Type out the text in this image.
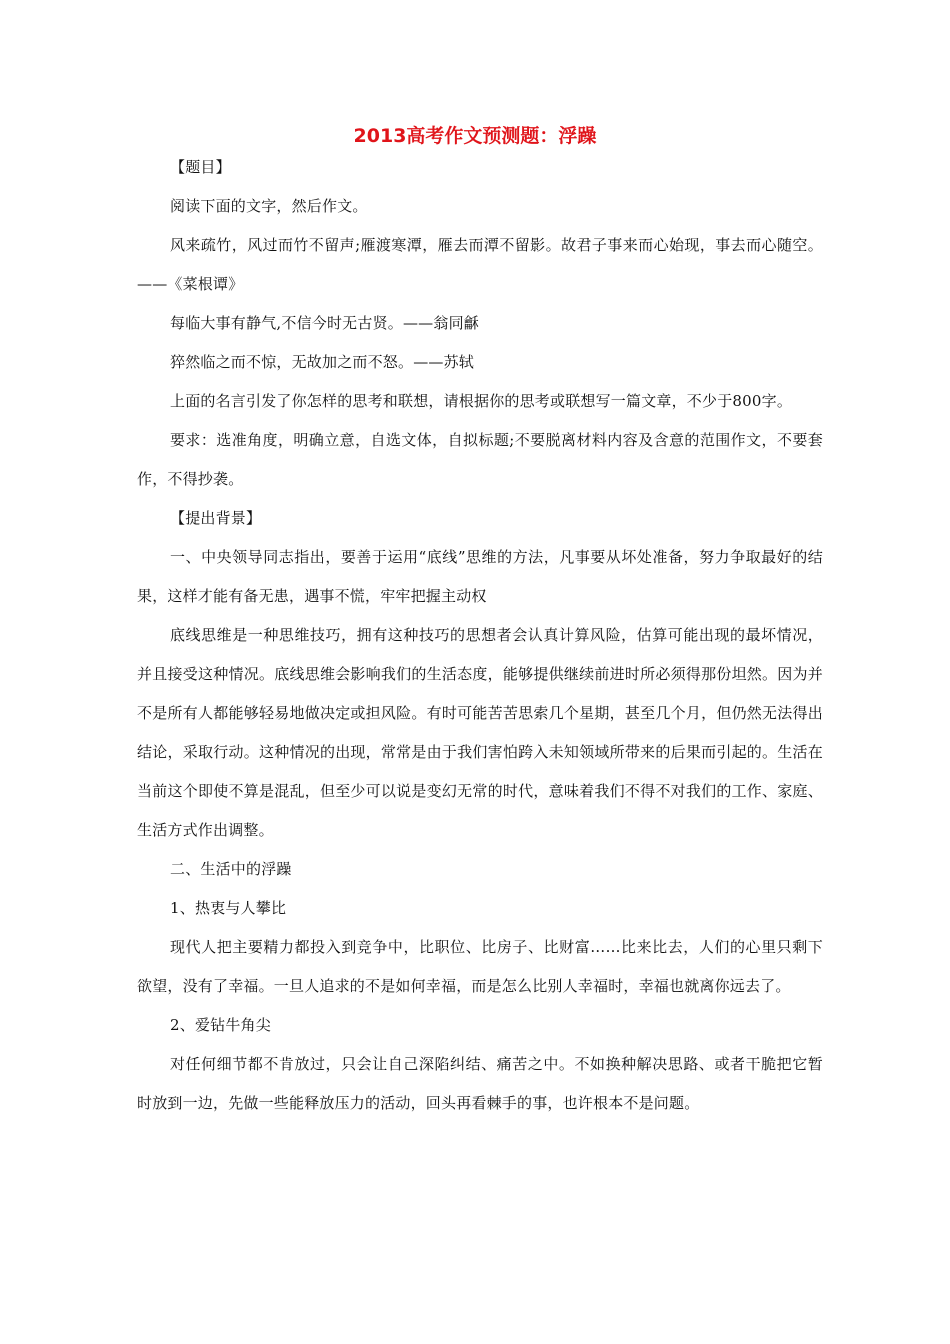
2013高考作文预测题：浮躁

【题目】

阅读下面的文字，然后作文。

风来疏竹，风过而竹不留声;雁渡寒潭，雁去而潭不留影。故君子事来而心始现，事去而心随空。——《菜根谭》

每临大事有静气,不信今时无古贤。——翁同龢

猝然临之而不惊，无故加之而不怒。——苏轼

上面的名言引发了你怎样的思考和联想，请根据你的思考或联想写一篇文章，不少于800字。

要求：选准角度，明确立意，自选文体，自拟标题;不要脱离材料内容及含意的范围作文，不要套作，不得抄袭。

【提出背景】

一、中央领导同志指出，要善于运用“底线”思维的方法，凡事要从坏处准备，努力争取最好的结果，这样才能有备无患，遇事不慌，牢牢把握主动权

底线思维是一种思维技巧，拥有这种技巧的思想者会认真计算风险，估算可能出现的最坏情况，并且接受这种情况。底线思维会影响我们的生活态度，能够提供继续前进时所必须得那份坦然。因为并不是所有人都能够轻易地做决定或担风险。有时可能苦苦思索几个星期，甚至几个月，但仍然无法得出结论，采取行动。这种情况的出现，常常是由于我们害怕跨入未知领域所带来的后果而引起的。生活在当前这个即使不算是混乱，但至少可以说是变幻无常的时代，意味着我们不得不对我们的工作、家庭、生活方式作出调整。

二、生活中的浮躁

1、热衷与人攀比

现代人把主要精力都投入到竞争中，比职位、比房子、比财富……比来比去，人们的心里只剩下欲望，没有了幸福。一旦人追求的不是如何幸福，而是怎么比别人幸福时，幸福也就离你远去了。

2、爱钻牛角尖

对任何细节都不肯放过，只会让自己深陷纠结、痛苦之中。不如换种解决思路、或者干脆把它暂时放到一边，先做一些能释放压力的活动，回头再看棘手的事，也许根本不是问题。
